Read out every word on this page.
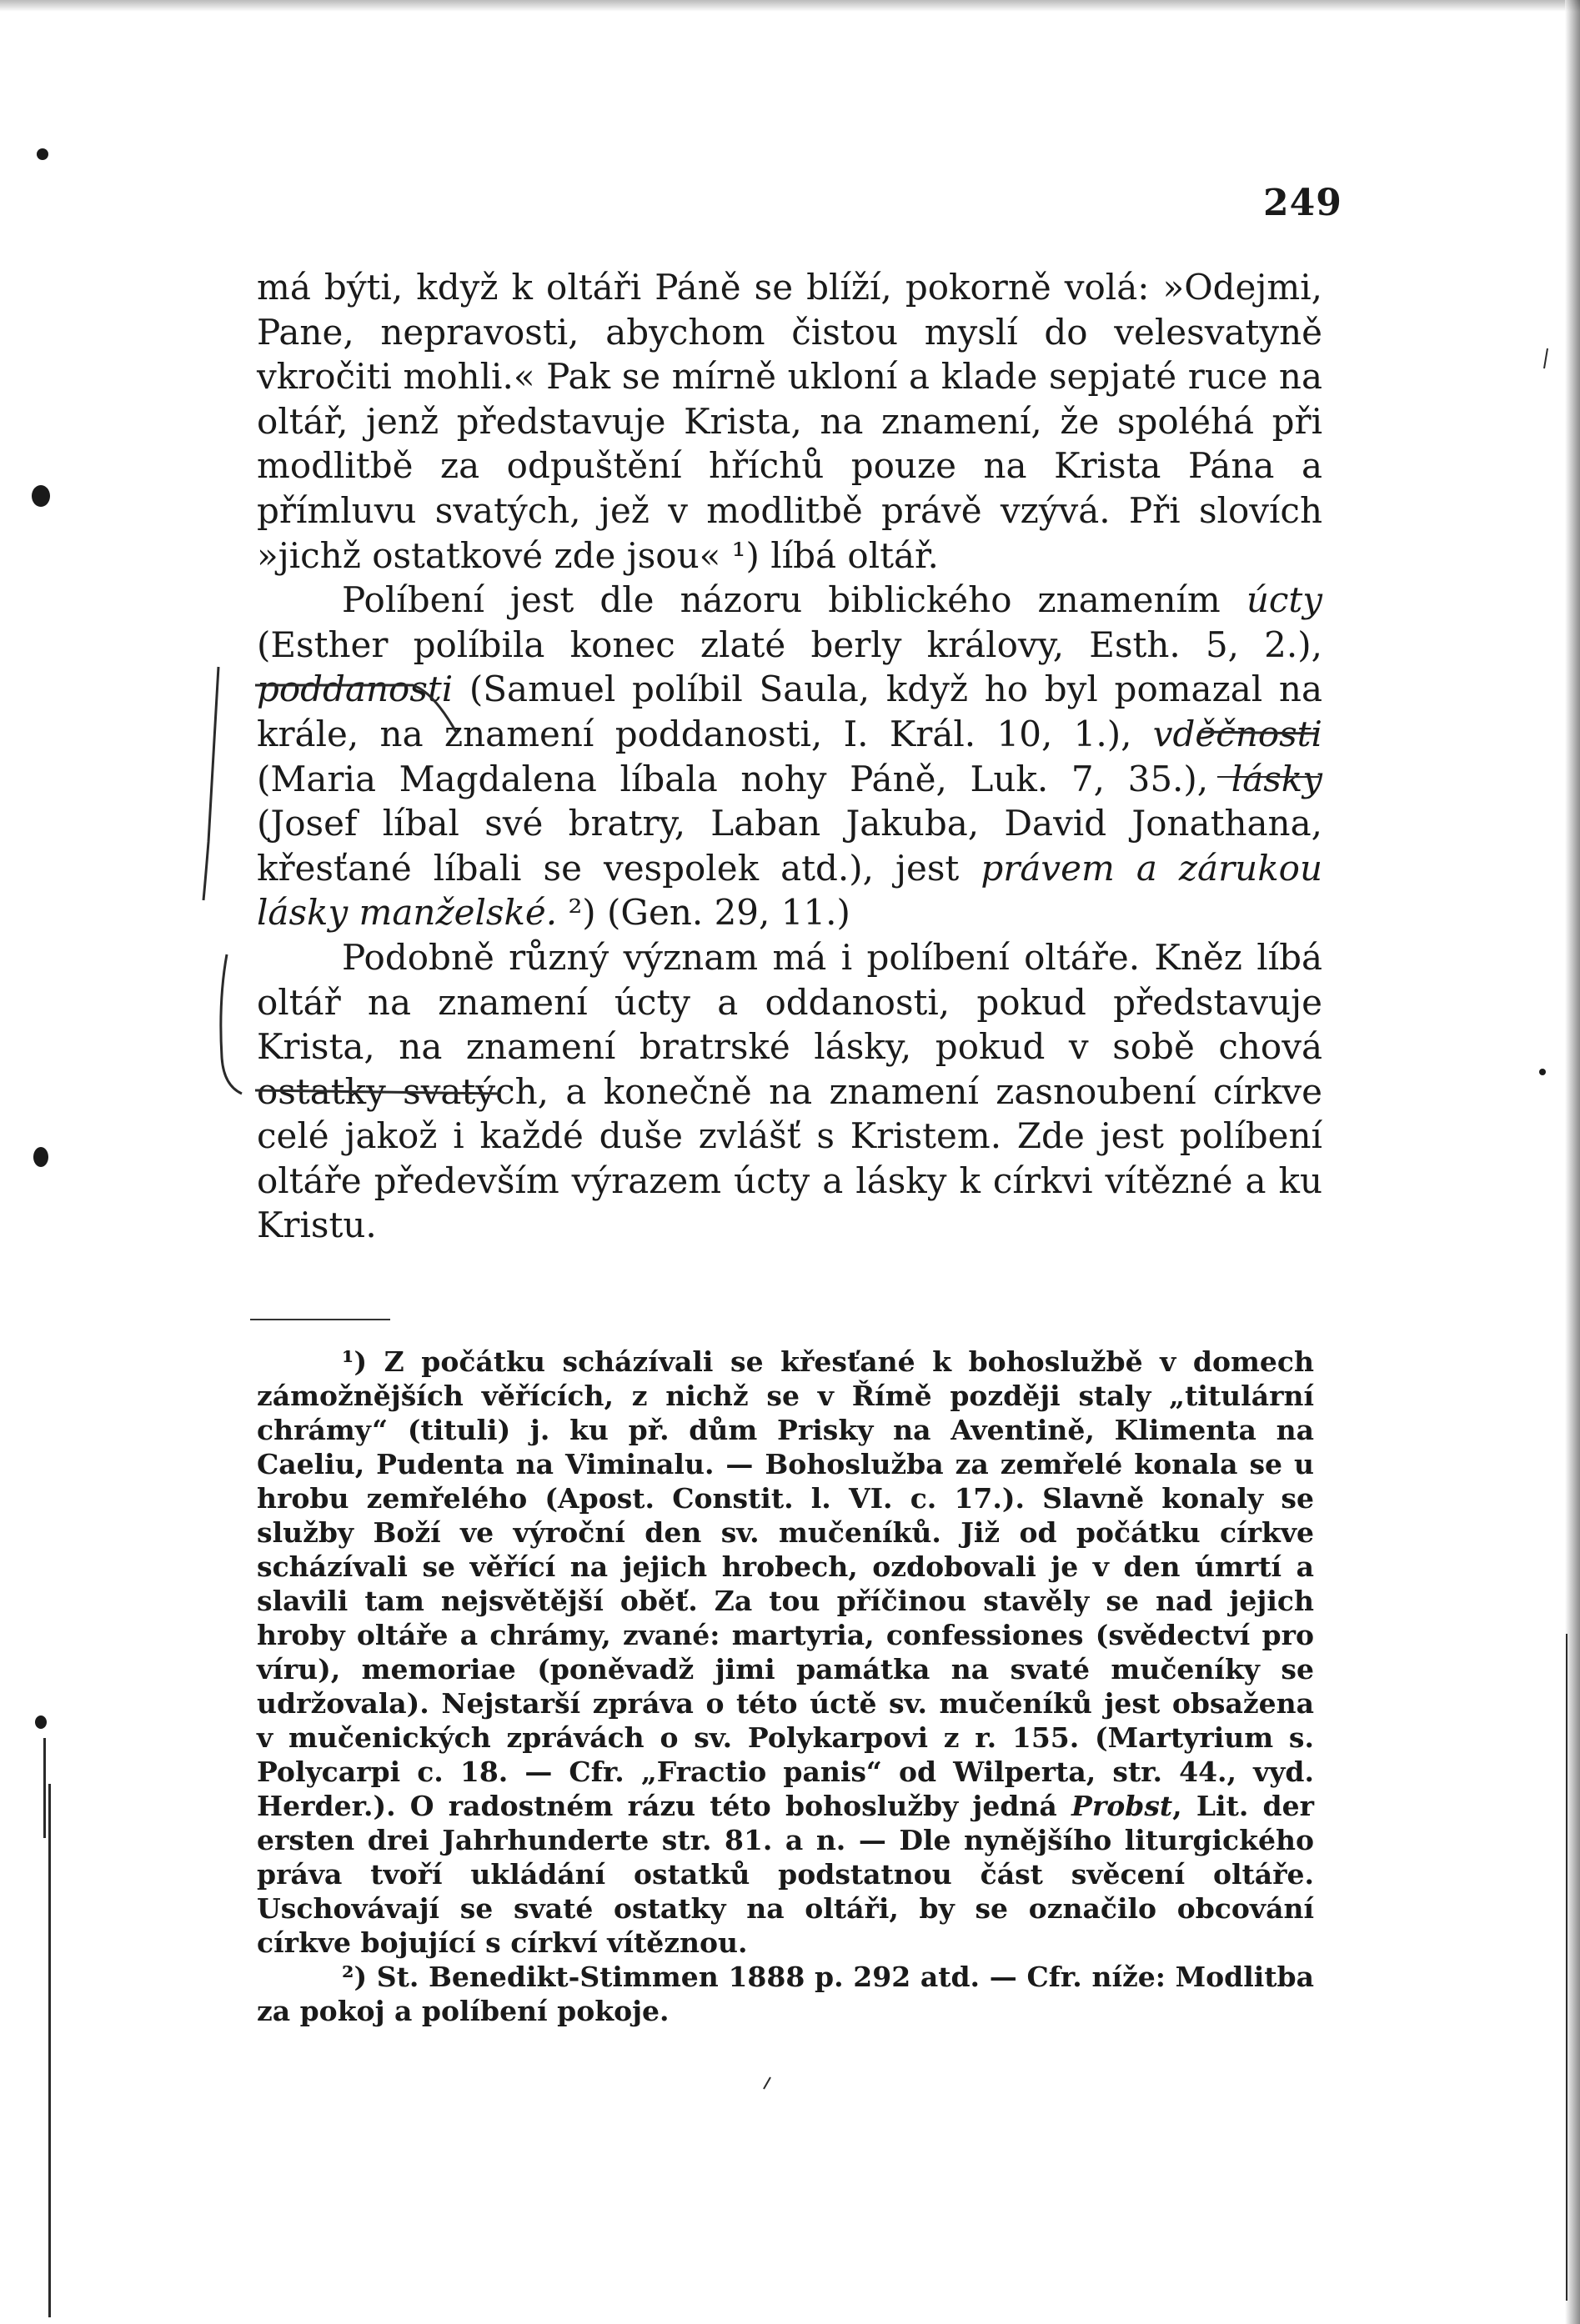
249

má býti, když k oltáři Páně se blíží, pokorně volá: »Odejmi, Pane, nepravosti, abychom čistou myslí do velesvatyně vkročiti mohli.« Pak se mírně ukloní a klade sepjaté ruce na oltář, jenž představuje Krista, na znamení, že spoléhá při modlitbě za odpuštění hříchů pouze na Krista Pána a přímluvu svatých, jež v modlitbě právě vzývá. Při slovích »jichž ostatkové zde jsou« ¹) líbá oltář.

Políbení jest dle názoru biblického znamením úcty (Esther políbila konec zlaté berly královy, Esth. 5, 2.), poddanosti (Samuel políbil Saula, když ho byl pomazal na krále, na znamení poddanosti, I. Král. 10, 1.), vděčnosti (Maria Magdalena líbala nohy Páně, Luk. 7, 35.), lásky (Josef líbal své bratry, Laban Jakuba, David Jonathana, křesťané líbali se vespolek atd.), jest právem a zárukou lásky manželské. ²) (Gen. 29, 11.)

Podobně různý význam má i políbení oltáře. Kněz líbá oltář na znamení úcty a oddanosti, pokud představuje Krista, na znamení bratrské lásky, pokud v sobě chová ostatky svatých, a konečně na znamení zasnoubení církve celé jakož i každé duše zvlášť s Kristem. Zde jest políbení oltáře především výrazem úcty a lásky k církvi vítězné a ku Kristu.

¹) Z počátku scházívali se křesťané k bohoslužbě v domech zámožnějších věřících, z nichž se v Římě později staly „titulární chrámy“ (tituli) j. ku př. dům Prisky na Aventině, Klimenta na Caeliu, Pudenta na Viminalu. — Bohoslužba za zemřelé konala se u hrobu zemřelého (Apost. Constit. l. VI. c. 17.). Slavně konaly se služby Boží ve výroční den sv. mučeníků. Již od počátku církve scházívali se věřící na jejich hrobech, ozdobovali je v den úmrtí a slavili tam nejsvětější oběť. Za tou příčinou stavěly se nad jejich hroby oltáře a chrámy, zvané: martyria, confessiones (svědectví pro víru), memoriae (poněvadž jimi památka na svaté mučeníky se udržovala). Nejstarší zpráva o této úctě sv. mučeníků jest obsažena v mučenických zprávách o sv. Polykarpovi z r. 155. (Martyrium s. Polycarpi c. 18. — Cfr. „Fractio panis“ od Wilperta, str. 44., vyd. Herder.). O radostném rázu této bohoslužby jedná Probst, Lit. der ersten drei Jahrhunderte str. 81. a n. — Dle nynějšího liturgického práva tvoří ukládání ostatků podstatnou část svěcení oltáře. Uschovávají se svaté ostatky na oltáři, by se označilo obcování církve bojující s církví vítěznou.

²) St. Benedikt-Stimmen 1888 p. 292 atd. — Cfr. níže: Modlitba za pokoj a políbení pokoje.
